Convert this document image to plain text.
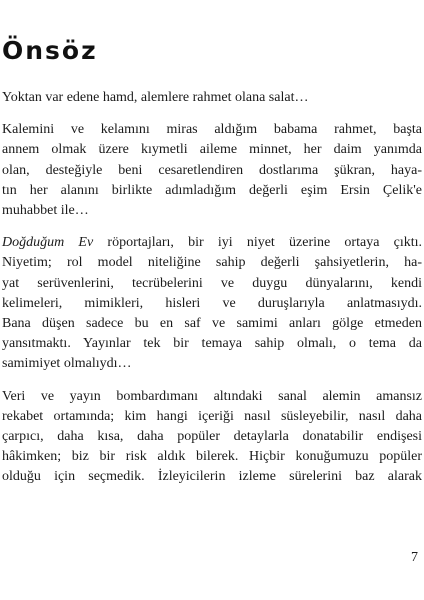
Önsöz

Yoktan var edene hamd, alemlere rahmet olana salat…

Kalemini ve kelamını miras aldığım babama rahmet, başta
annem olmak üzere kıymetli aileme minnet, her daim yanımda
olan, desteğiyle beni cesaretlendiren dostlarıma şükran, haya-
tın her alanını birlikte adımladığım değerli eşim Ersin Çelik'e
muhabbet ile…

Doğduğum Ev röportajları, bir iyi niyet üzerine ortaya çıktı.
Niyetim; rol model niteliğine sahip değerli şahsiyetlerin, ha-
yat serüvenlerini, tecrübelerini ve duygu dünyalarını, kendi
kelimeleri, mimikleri, hisleri ve duruşlarıyla anlatmasıydı.
Bana düşen sadece bu en saf ve samimi anları gölge etmeden
yansıtmaktı. Yayınlar tek bir temaya sahip olmalı, o tema da
samimiyet olmalıydı…

Veri ve yayın bombardımanı altındaki sanal alemin amansız
rekabet ortamında; kim hangi içeriği nasıl süsleyebilir, nasıl daha
çarpıcı, daha kısa, daha popüler detaylarla donatabilir endişesi
hâkimken; biz bir risk aldık bilerek. Hiçbir konuğumuzu popüler
olduğu için seçmedik. İzleyicilerin izleme sürelerini baz alarak

7
